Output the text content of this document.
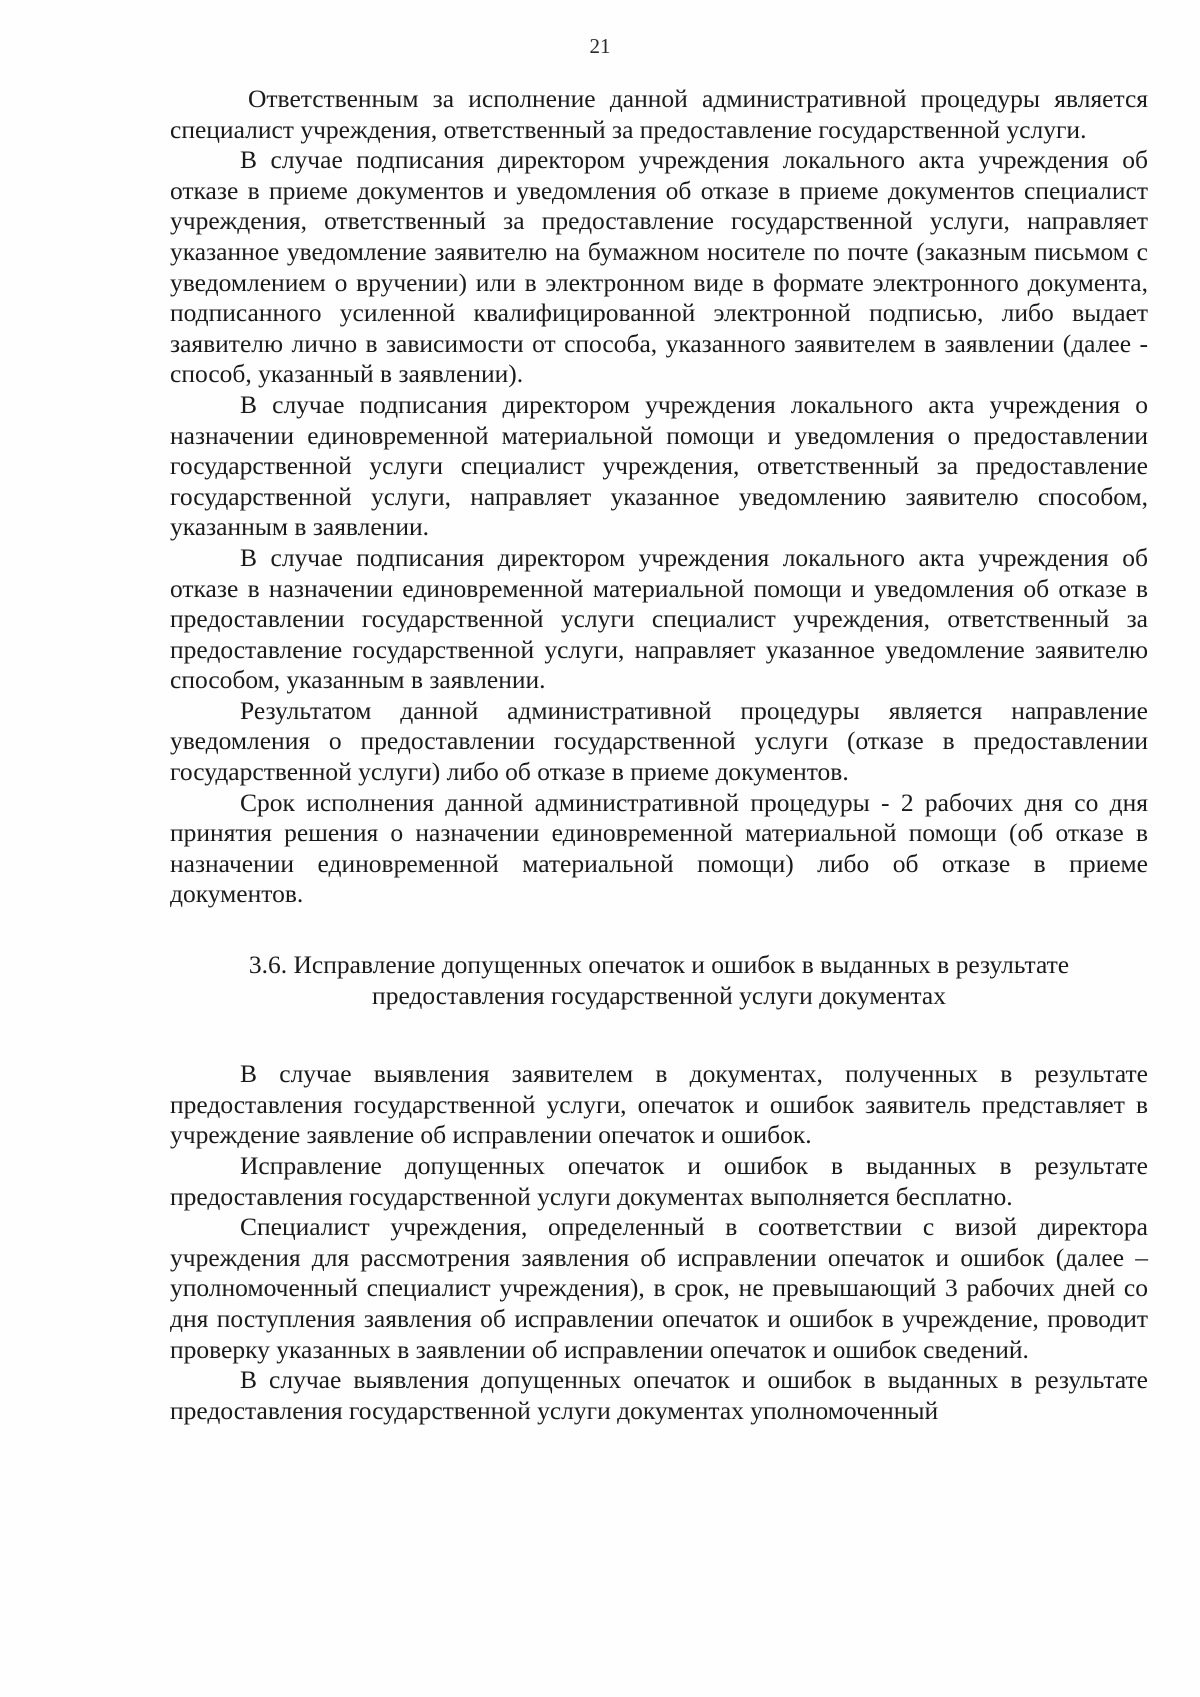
21

Ответственным за исполнение данной административной процедуры является специалист учреждения, ответственный за предоставление государственной услуги.

В случае подписания директором учреждения локального акта учреждения об отказе в приеме документов и уведомления об отказе в приеме документов специалист учреждения, ответственный за предоставление государственной услуги, направляет указанное уведомление заявителю на бумажном носителе по почте (заказным письмом с уведомлением о вручении) или в электронном виде в формате электронного документа, подписанного усиленной квалифицированной электронной подписью, либо выдает заявителю лично в зависимости от способа, указанного заявителем в заявлении (далее - способ, указанный в заявлении).

В случае подписания директором учреждения локального акта учреждения о назначении единовременной материальной помощи и уведомления о предоставлении государственной услуги специалист учреждения, ответственный за предоставление государственной услуги, направляет указанное уведомлению заявителю способом, указанным в заявлении.

В случае подписания директором учреждения локального акта учреждения об отказе в назначении единовременной материальной помощи и уведомления об отказе в предоставлении государственной услуги специалист учреждения, ответственный за предоставление государственной услуги, направляет указанное уведомление заявителю способом, указанным в заявлении.

Результатом данной административной процедуры является направление уведомления о предоставлении государственной услуги (отказе в предоставлении государственной услуги) либо об отказе в приеме документов.

Срок исполнения данной административной процедуры - 2 рабочих дня со дня принятия решения о назначении единовременной материальной помощи (об отказе в назначении единовременной материальной помощи) либо об отказе в приеме документов.

3.6. Исправление допущенных опечаток и ошибок в выданных в результате
предоставления государственной услуги документах

В случае выявления заявителем в документах, полученных в результате предоставления государственной услуги, опечаток и ошибок заявитель представляет в учреждение заявление об исправлении опечаток и ошибок.

Исправление допущенных опечаток и ошибок в выданных в результате предоставления государственной услуги документах выполняется бесплатно.

Специалист учреждения, определенный в соответствии с визой директора учреждения для рассмотрения заявления об исправлении опечаток и ошибок (далее – уполномоченный специалист учреждения), в срок, не превышающий 3 рабочих дней со дня поступления заявления об исправлении опечаток и ошибок в учреждение, проводит проверку указанных в заявлении об исправлении опечаток и ошибок сведений.

В случае выявления допущенных опечаток и ошибок в выданных в результате предоставления государственной услуги документах уполномоченный
